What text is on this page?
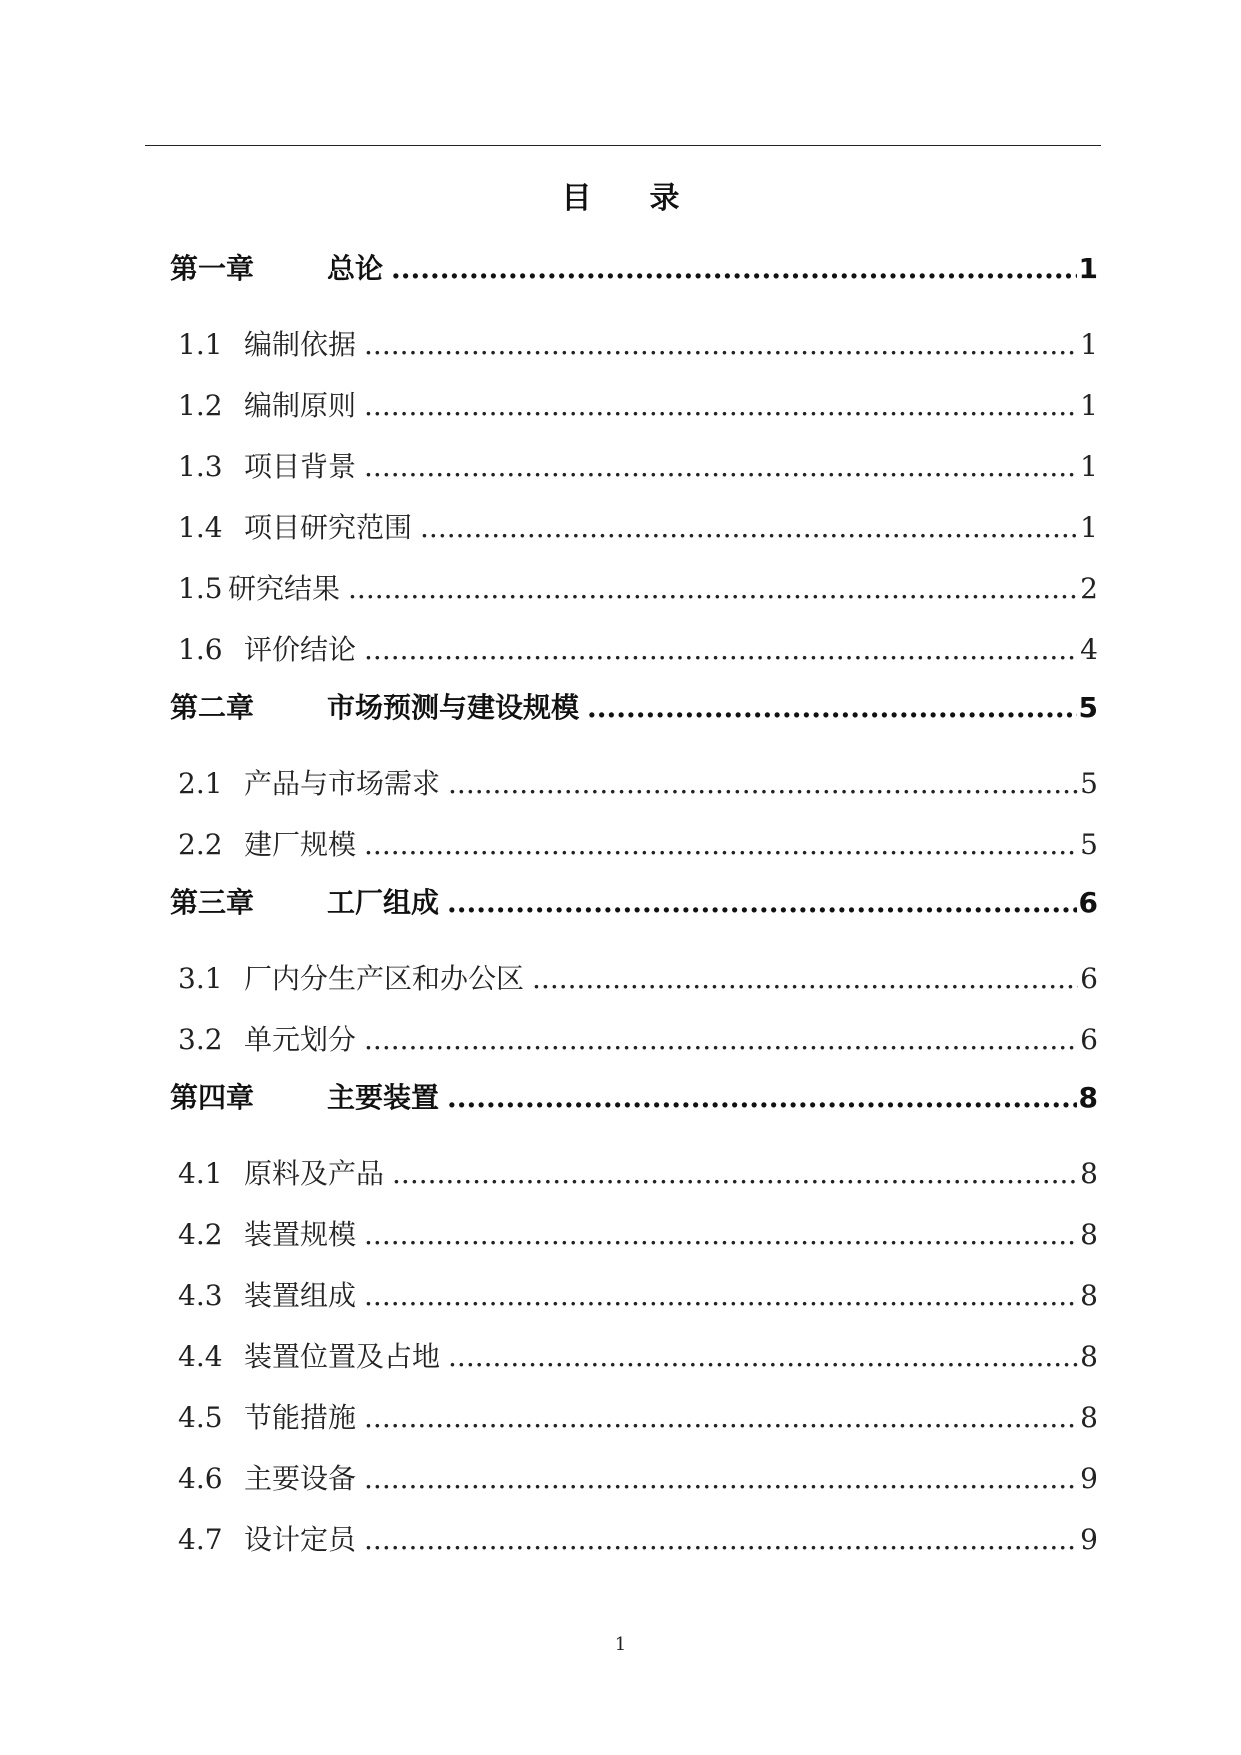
目 录
第一章	总论 .....	1
1.1 编制依据 .....	1
1.2 编制原则 .....	1
1.3 项目背景 .....	1
1.4 项目研究范围 .....	1
1.5 研究结果 .....	2
1.6 评价结论 .....	4
第二章	市场预测与建设规模 .....	5
2.1 产品与市场需求 .....	5
2.2 建厂规模 .....	5
第三章	工厂组成 .....	6
3.1 厂内分生产区和办公区 .....	6
3.2 单元划分 .....	6
第四章	主要装置 .....	8
4.1 原料及产品 .....	8
4.2 装置规模 .....	8
4.3 装置组成 .....	8
4.4 装置位置及占地 .....	8
4.5 节能措施 .....	8
4.6 主要设备 .....	9
4.7 设计定员 .....	9
1
